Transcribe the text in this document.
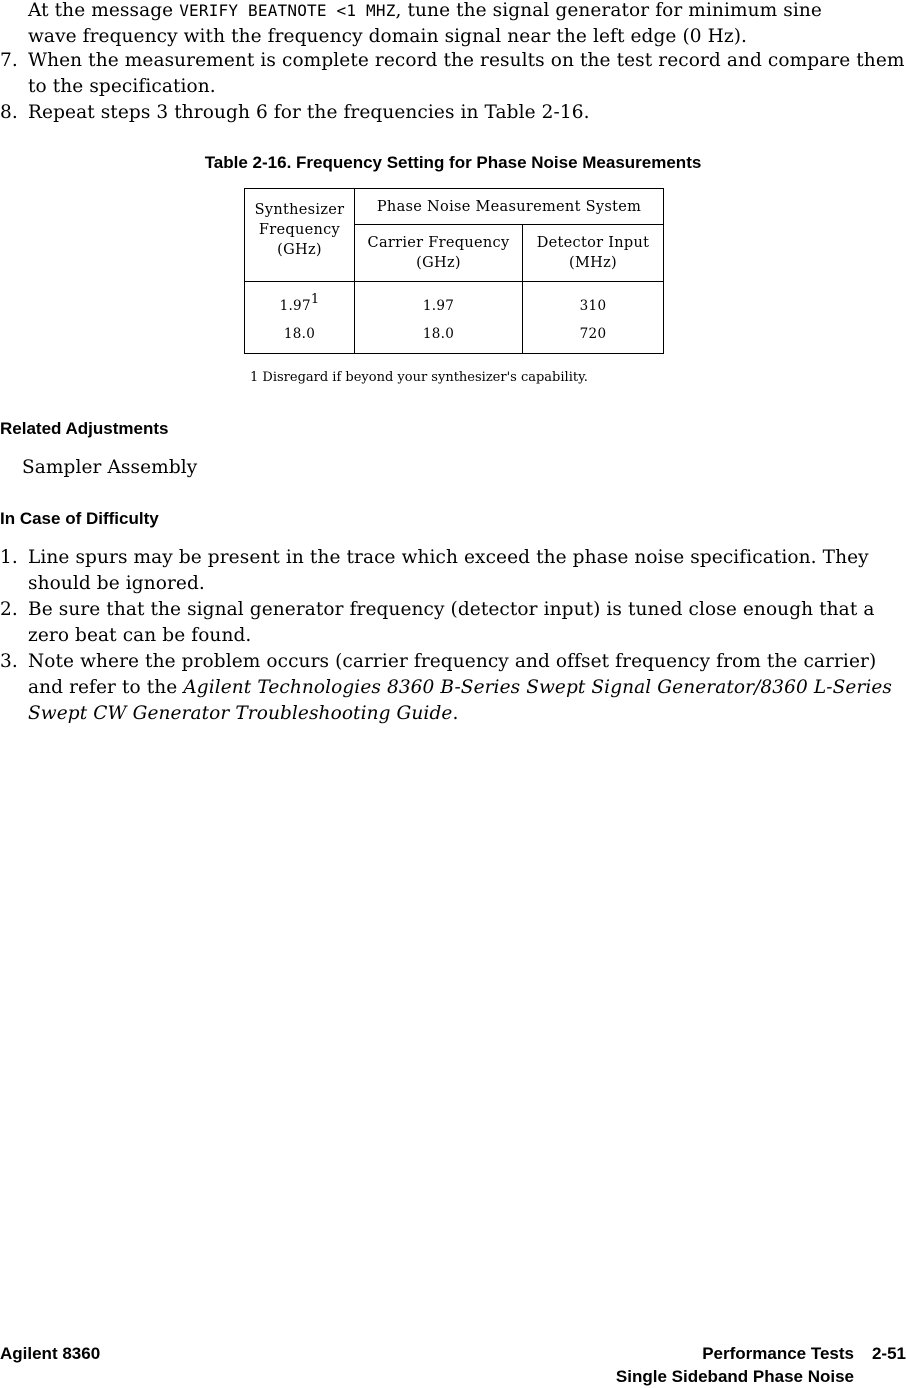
At the message VERIFY BEATNOTE <1 MHZ, tune the signal generator for minimum sine
wave frequency with the frequency domain signal near the left edge (0 Hz).
7. When the measurement is complete record the results on the test record and compare them
to the specification.
8. Repeat steps 3 through 6 for the frequencies in Table 2-16.
Table 2-16. Frequency Setting for Phase Noise Measurements
Synthesizer
Frequency
(GHz)	Phase Noise Measurement System	
	Carrier Frequency
(GHz)	Detector Input
(MHz)
1.97$^1$	1.97	310
18.0	18.0	720
1 Disregard if beyond your synthesizer's capability.
Related Adjustments
Sampler Assembly
In Case of Difficulty
1. Line spurs may be present in the trace which exceed the phase noise specification. They
should be ignored.
2. Be sure that the signal generator frequency (detector input) is tuned close enough that a
zero beat can be found.
3. Note where the problem occurs (carrier frequency and offset frequency from the carrier)
and refer to the Agilent Technologies 8360 B-Series Swept Signal Generator/8360 L-Series
Swept CW Generator Troubleshooting Guide.
Agilent 8360	Performance Tests 2-51
Single Sideband Phase Noise
